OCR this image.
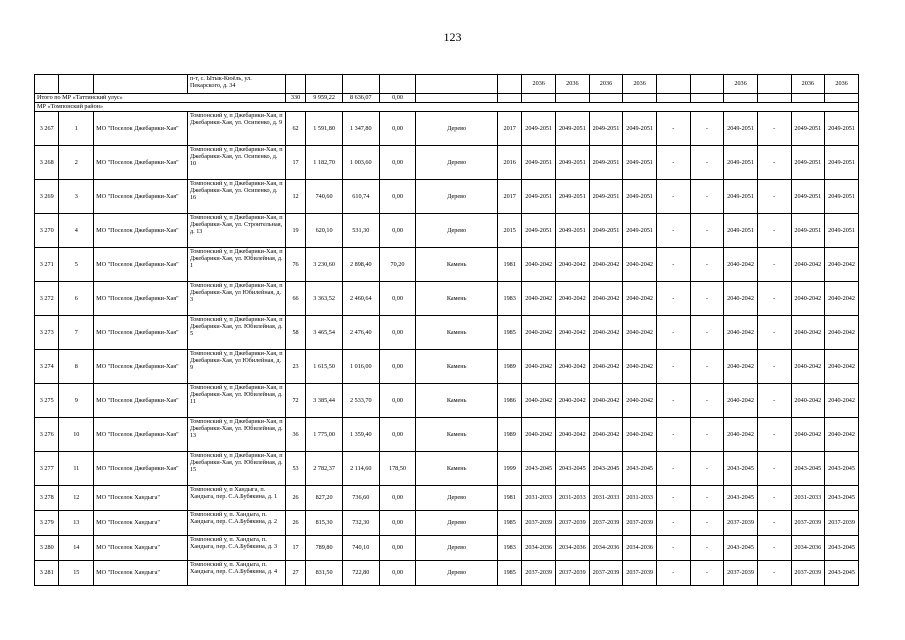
123
			п-т, с. Ытык-Кюёль, ул. Пекарского, д. 34							2036	2036	2036	2036			2036		2036	2036
Итого по МР «Таттинский улус»				330	9 959,22	8 636,07	0,00												
МР «Томпонский район»																			
3 267	1	МО "Поселок Джебарики-Хая"	Томпонский у, п Джебарики-Хая, п Джебарики-Хая, ул. Осипенко, д. 9	62	1 591,80	1 347,80	0,00	Дерево	2017	2049-2051	2049-2051	2049-2051	2049-2051	-	-	2049-2051	-	2049-2051	2049-2051
3 268	2	МО "Поселок Джебарики-Хая"	Томпонский у, п Джебарики-Хая, п Джебарики-Хая, ул. Осипенко, д. 10	17	1 182,70	1 003,60	0,00	Дерево	2016	2049-2051	2049-2051	2049-2051	2049-2051	-	-	2049-2051	-	2049-2051	2049-2051
3 269	3	МО "Поселок Джебарики-Хая"	Томпонский у, п Джебарики-Хая, п Джебарики-Хая, ул. Осипенко, д. 16	12	740,60	610,74	0,00	Дерево	2017	2049-2051	2049-2051	2049-2051	2049-2051	-	-	2049-2051	-	2049-2051	2049-2051
3 270	4	МО "Поселок Джебарики-Хая"	Томпонский у, п Джебарики-Хая, п Джебарики-Хая, ул. Строительная, д. 13	19	620,10	531,30	0,00	Дерево	2015	2049-2051	2049-2051	2049-2051	2049-2051	-	-	2049-2051	-	2049-2051	2049-2051
3 271	5	МО "Поселок Джебарики-Хая"	Томпонский у, п Джебарики-Хая, п Джебарики-Хая, ул. Юбилейная, д. 1	76	3 230,60	2 898,40	70,20	Камень	1981	2040-2042	2040-2042	2040-2042	2040-2042	-	-	2040-2042	-	2040-2042	2040-2042
3 272	6	МО "Поселок Джебарики-Хая"	Томпонский у, п Джебарики-Хая, п Джебарики-Хая, ул Юбилейная, д. 3	66	3 363,52	2 460,64	0,00	Камень	1983	2040-2042	2040-2042	2040-2042	2040-2042	-	-	2040-2042	-	2040-2042	2040-2042
3 273	7	МО "Поселок Джебарики-Хая"	Томпонский у, п Джебарики-Хая, п Джебарики-Хая, ул. Юбилейная, д. 5	58	3 465,54	2 476,40	0,00	Камень	1985	2040-2042	2040-2042	2040-2042	2040-2042	-	-	2040-2042	-	2040-2042	2040-2042
3 274	8	МО "Поселок Джебарики-Хая"	Томпонский у, п Джебарики-Хая, п Джебарики-Хая, ул Юбилейная, д. 9	23	1 615,50	1 016,00	0,00	Камень	1989	2040-2042	2040-2042	2040-2042	2040-2042	-	-	2040-2042	-	2040-2042	2040-2042
3 275	9	МО "Поселок Джебарики-Хая"	Томпонский у, п Джебарики-Хая, п Джебарики-Хая, ул. Юбилейная, д. 11	72	3 385,44	2 533,70	0,00	Камень	1986	2040-2042	2040-2042	2040-2042	2040-2042	-	-	2040-2042	-	2040-2042	2040-2042
3 276	10	МО "Поселок Джебарики-Хая"	Томпонский у, п Джебарики-Хая, п Джебарики-Хая, ул. Юбилейная, д. 13	36	1 775,00	1 359,40	0,00	Камень	1989	2040-2042	2040-2042	2040-2042	2040-2042	-	-	2040-2042	-	2040-2042	2040-2042
3 277	11	МО "Поселок Джебарики-Хая"	Томпонский у, п Джебарики-Хая, п Джебарики-Хая, ул. Юбилейная, д. 15	53	2 782,37	2 114,60	178,50	Камень	1999	2043-2045	2043-2045	2043-2045	2043-2045	-	-	2043-2045	-	2043-2045	2043-2045
3 278	12	МО "Поселок Хандыга"	Томпонский у, п Хандыга, п. Хандыга, пер. С.А.Бубякина, д. 1	26	827,20	736,60	0,00	Дерево	1981	2031-2033	2031-2033	2031-2033	2031-2033	-	-	2043-2045	-	2031-2033	2043-2045
3 279	13	МО "Поселок Хандыга"	Томпонский у, п. Хандыга, п. Хандыга, пер. С.А.Бубякина, д. 2	26	815,30	732,30	0,00	Дерево	1985	2037-2039	2037-2039	2037-2039	2037-2039	-	-	2037-2039	-	2037-2039	2037-2039
3 280	14	МО "Поселок Хандыга"	Томпонский у, п. Хандыга, п. Хандыга, пер. С.А.Бубякина, д. 3	17	789,80	740,10	0,00	Дерево	1983	2034-2036	2034-2036	2034-2036	2034-2036	-	-	2043-2045	-	2034-2036	2043-2045
3 281	15	МО "Поселок Хандыга"	Томпонский у, п. Хандыга, п. Хандыга, пер. С.А.Бубякина, д. 4	27	831,50	722,80	0,00	Дерево	1985	2037-2039	2037-2039	2037-2039	2037-2039	-	-	2037-2039	-	2037-2039	2043-2045
